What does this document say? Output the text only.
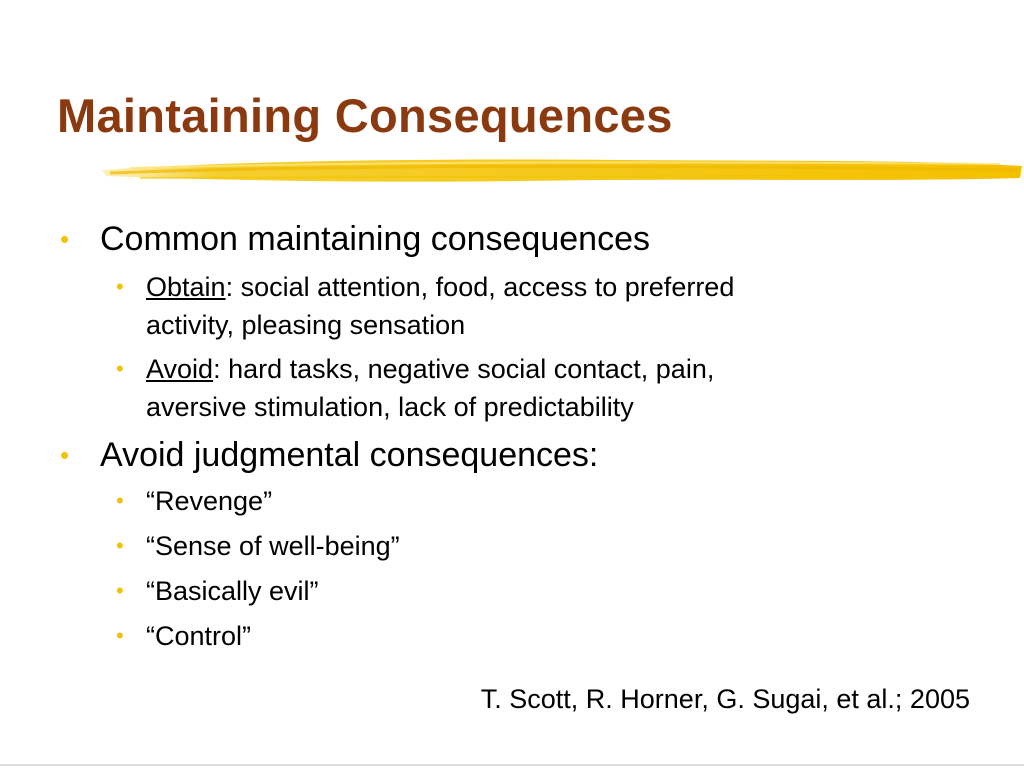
Maintaining Consequences
• Common maintaining consequences
• Obtain: social attention, food, access to preferred
activity, pleasing sensation
• Avoid: hard tasks, negative social contact, pain,
aversive stimulation, lack of predictability
• Avoid judgmental consequences:
• “Revenge”
• “Sense of well-being”
• “Basically evil”
• “Control”
T. Scott, R. Horner, G. Sugai, et al.; 2005
